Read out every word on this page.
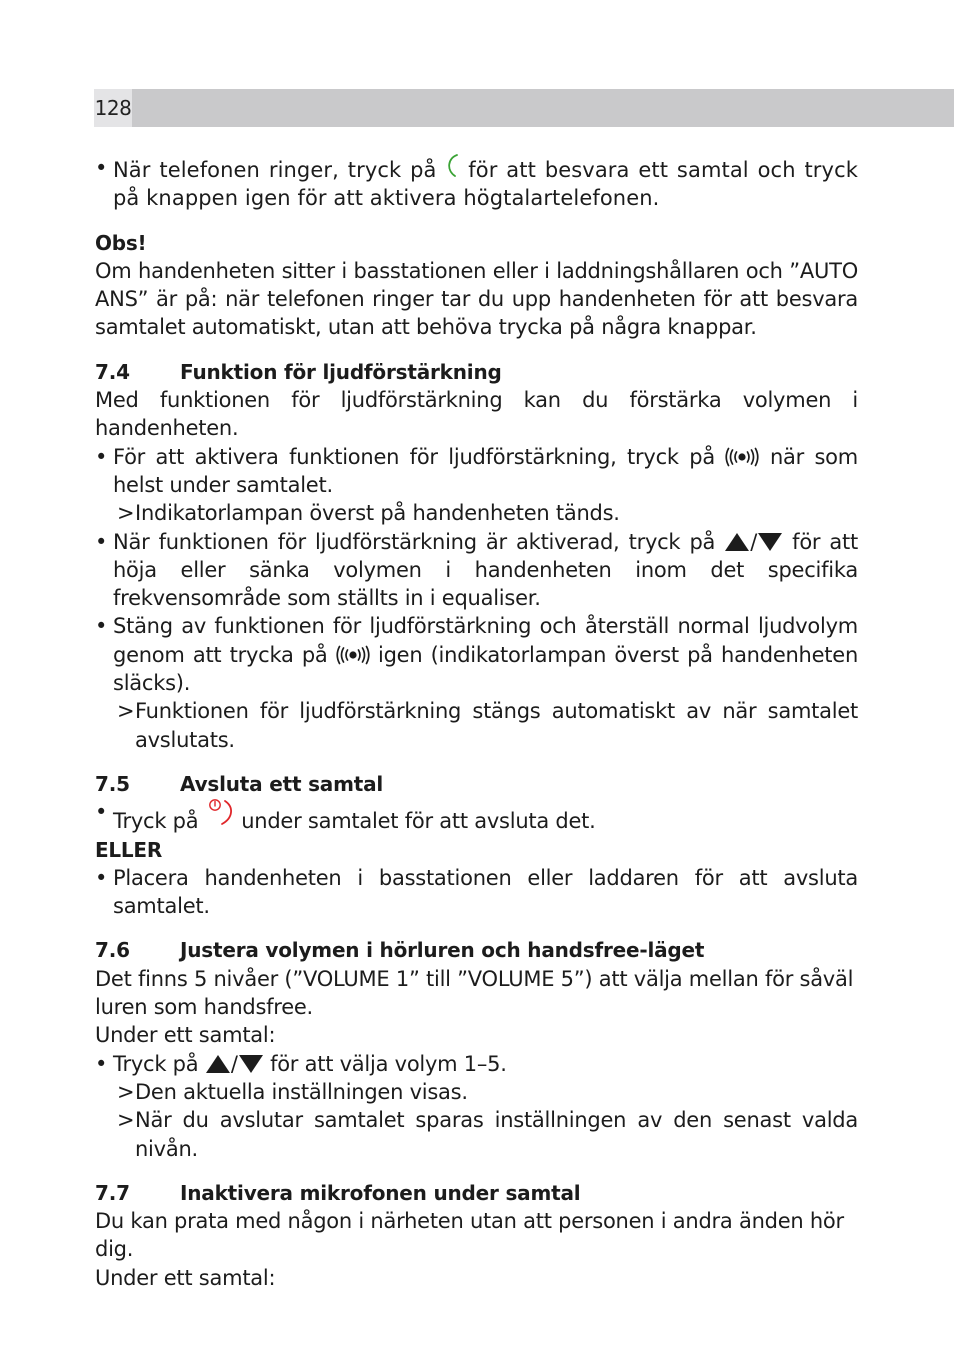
128

• När telefonen ringer, tryck på  för att besvara ett samtal och tryck på knappen igen för att aktivera högtalartelefonen.

Obs!

Om handenheten sitter i basstationen eller i laddningshållaren och ”AUTO ANS” är på: när telefonen ringer tar du upp handenheten för att besvara samtalet automatiskt, utan att behöva trycka på några knappar.

7.4	Funktion för ljudförstärkning

Med funktionen för ljudförstärkning kan du förstärka volymen i handenheten.

• För att aktivera funktionen för ljudförstärkning, tryck på  när som helst under samtalet.

> Indikatorlampan överst på handenheten tänds.

• När funktionen för ljudförstärkning är aktiverad, tryck på / för att höja eller sänka volymen i handenheten inom det specifika frekvensområde som ställts in i equaliser.

• Stäng av funktionen för ljudförstärkning och återställ normal ljudvolym genom att trycka på  igen (indikatorlampan överst på handenheten släcks).

> Funktionen för ljudförstärkning stängs automatiskt av när samtalet avslutats.

7.5	Avsluta ett samtal

• Tryck på  under samtalet för att avsluta det.

ELLER

• Placera handenheten i basstationen eller laddaren för att avsluta samtalet.

7.6	Justera volymen i hörluren och handsfree-läget

Det finns 5 nivåer (”VOLUME 1” till ”VOLUME 5”) att välja mellan för såväl luren som handsfree.

Under ett samtal:

• Tryck på / för att välja volym 1–5.

> Den aktuella inställningen visas.

> När du avslutar samtalet sparas inställningen av den senast valda nivån.

7.7	Inaktivera mikrofonen under samtal

Du kan prata med någon i närheten utan att personen i andra änden hör dig.

Under ett samtal:
